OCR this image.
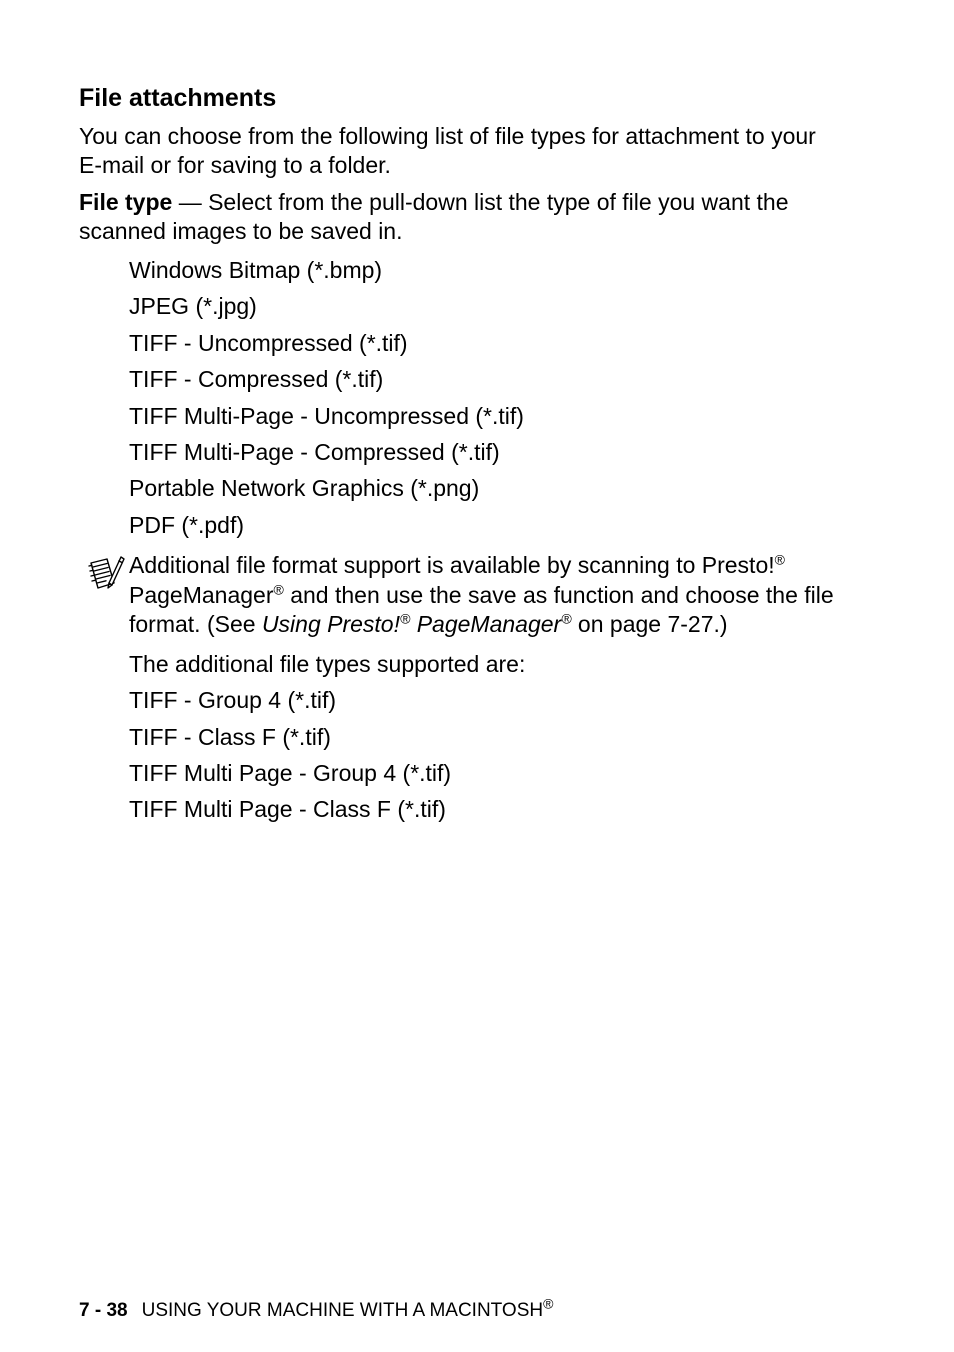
File attachments

You can choose from the following list of file types for attachment to your E-mail or for saving to a folder.

File type — Select from the pull-down list the type of file you want the scanned images to be saved in.

Windows Bitmap (*.bmp)
JPEG (*.jpg)
TIFF - Uncompressed (*.tif)
TIFF - Compressed (*.tif)
TIFF Multi-Page - Uncompressed (*.tif)
TIFF Multi-Page - Compressed (*.tif)
Portable Network Graphics (*.png)
PDF (*.pdf)
Additional file format support is available by scanning to Presto!® PageManager® and then use the save as function and choose the file format. (See Using Presto!® PageManager® on page 7-27.)
The additional file types supported are:
TIFF - Group 4 (*.tif)
TIFF - Class F (*.tif)
TIFF Multi Page - Group 4 (*.tif)
TIFF Multi Page - Class F (*.tif)
7 - 38 USING YOUR MACHINE WITH A MACINTOSH®
